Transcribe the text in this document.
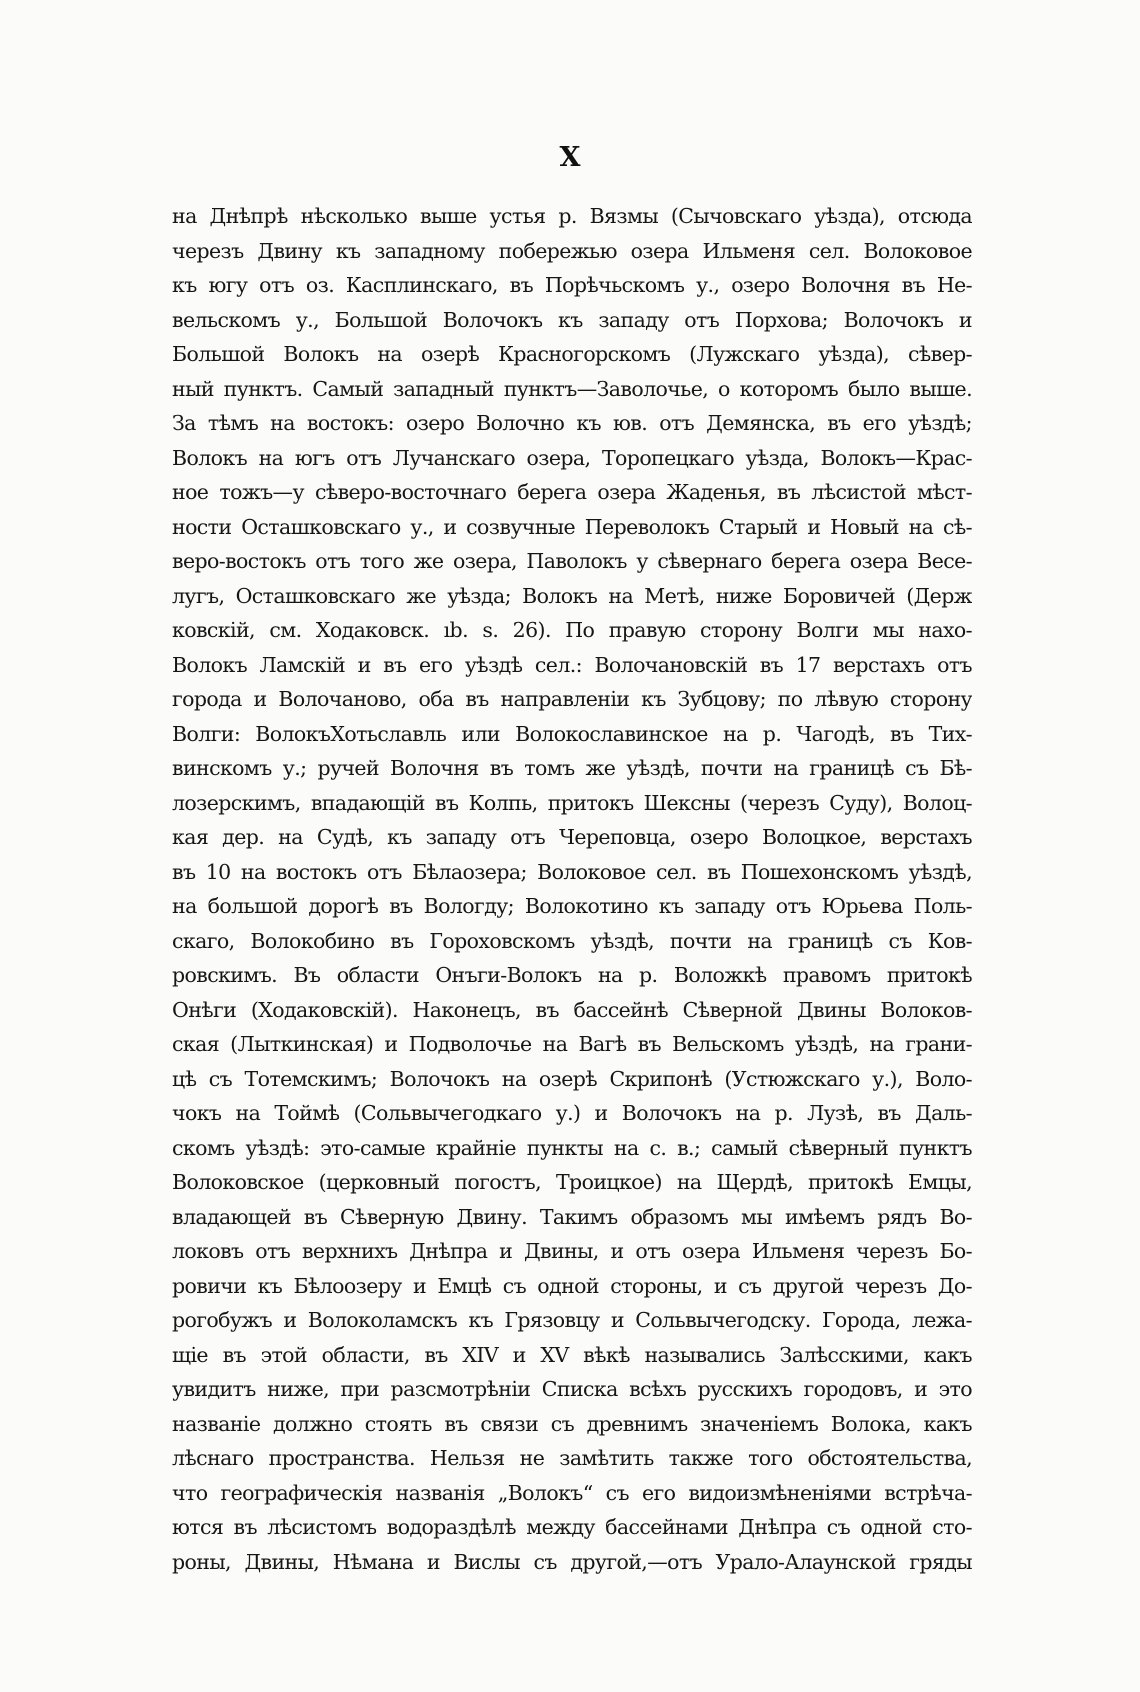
X
на Днѣпрѣ нѣсколько выше устья р. Вязмы (Сычовскаго уѣзда), отсюда
черезъ Двину къ западному побережью озера Ильменя сел. Волоковое
къ югу отъ оз. Касплинскаго, въ Порѣчьскомъ у., озеро Волочня въ Не-
вельскомъ у., Большой Волочокъ къ западу отъ Порхова; Волочокъ и
Большой Волокъ на озерѣ Красногорскомъ (Лужскаго уѣзда), сѣвер-
ный пунктъ. Самый западный пунктъ—Заволочье, о которомъ было выше.
За тѣмъ на востокъ: озеро Волочно къ юв. отъ Демянска, въ его уѣздѣ;
Волокъ на югъ отъ Лучанскаго озера, Торопецкаго уѣзда, Волокъ—Крас-
ное тожъ—у сѣверо-восточнаго берега озера Жаденья, въ лѣсистой мѣст-
ности Осташковскаго у., и созвучные Переволокъ Старый и Новый на сѣ-
веро-востокъ отъ того же озера, Паволокъ у сѣвернаго берега озера Весе-
лугъ, Осташковскаго же уѣзда; Волокъ на Метѣ, ниже Боровичей (Держ
ковскій, см. Ходаковск. ıb. s. 26). По правую сторону Волги мы нахо-
Волокъ Ламскій и въ его уѣздѣ сел.: Волочановскій въ 17 верстахъ отъ
города и Волочаново, оба въ направленіи къ Зубцову; по лѣвую сторону
Волги: ВолокъХотьславль или Волокославинское на р. Чагодѣ, въ Тих-
винскомъ у.; ручей Волочня въ томъ же уѣздѣ, почти на границѣ съ Бѣ-
лозерскимъ, впадающій въ Колпь, притокъ Шексны (черезъ Суду), Волоц-
кая дер. на Судѣ, къ западу отъ Череповца, озеро Волоцкое, верстахъ
въ 10 на востокъ отъ Бѣлаозера; Волоковое сел. въ Пошехонскомъ уѣздѣ,
на большой дорогѣ въ Вологду; Волокотино къ западу отъ Юрьева Поль-
скаго, Волокобино въ Гороховскомъ уѣздѣ, почти на границѣ съ Ков-
ровскимъ. Въ области Онъги-Волокъ на р. Воложкѣ правомъ притокѣ
Онѣги (Ходаковскій). Наконецъ, въ бассейнѣ Сѣверной Двины Волоков-
ская (Лыткинская) и Подволочье на Вагѣ въ Вельскомъ уѣздѣ, на грани-
цѣ съ Тотемскимъ; Волочокъ на озерѣ Скрипонѣ (Устюжскаго у.), Воло-
чокъ на Тоймѣ (Сольвычегодкаго у.) и Волочокъ на р. Лузѣ, въ Даль-
скомъ уѣздѣ: это-самые крайніе пункты на с. в.; самый сѣверный пунктъ
Волоковское (церковный погостъ, Троицкое) на Щердѣ, притокѣ Емцы,
владающей въ Сѣверную Двину. Такимъ образомъ мы имѣемъ рядъ Во-
локовъ отъ верхнихъ Днѣпра и Двины, и отъ озера Ильменя черезъ Бо-
ровичи къ Бѣлоозеру и Емцѣ съ одной стороны, и съ другой черезъ До-
рогобужъ и Волоколамскъ къ Грязовцу и Сольвычегодску. Города, лежа-
щіе въ этой области, въ XIV и XV вѣкѣ назывались Залѣсскими, какъ
увидитъ ниже, при разсмотрѣніи Списка всѣхъ русскихъ городовъ, и это
названіе должно стоять въ связи съ древнимъ значеніемъ Волока, какъ
лѣснаго пространства. Нельзя не замѣтить также того обстоятельства,
что географическія названія „Волокъ“ съ его видоизмѣненіями встрѣча-
ются въ лѣсистомъ водораздѣлѣ между бассейнами Днѣпра съ одной сто-
роны, Двины, Нѣмана и Вислы съ другой,—отъ Урало-Алаунской гряды
